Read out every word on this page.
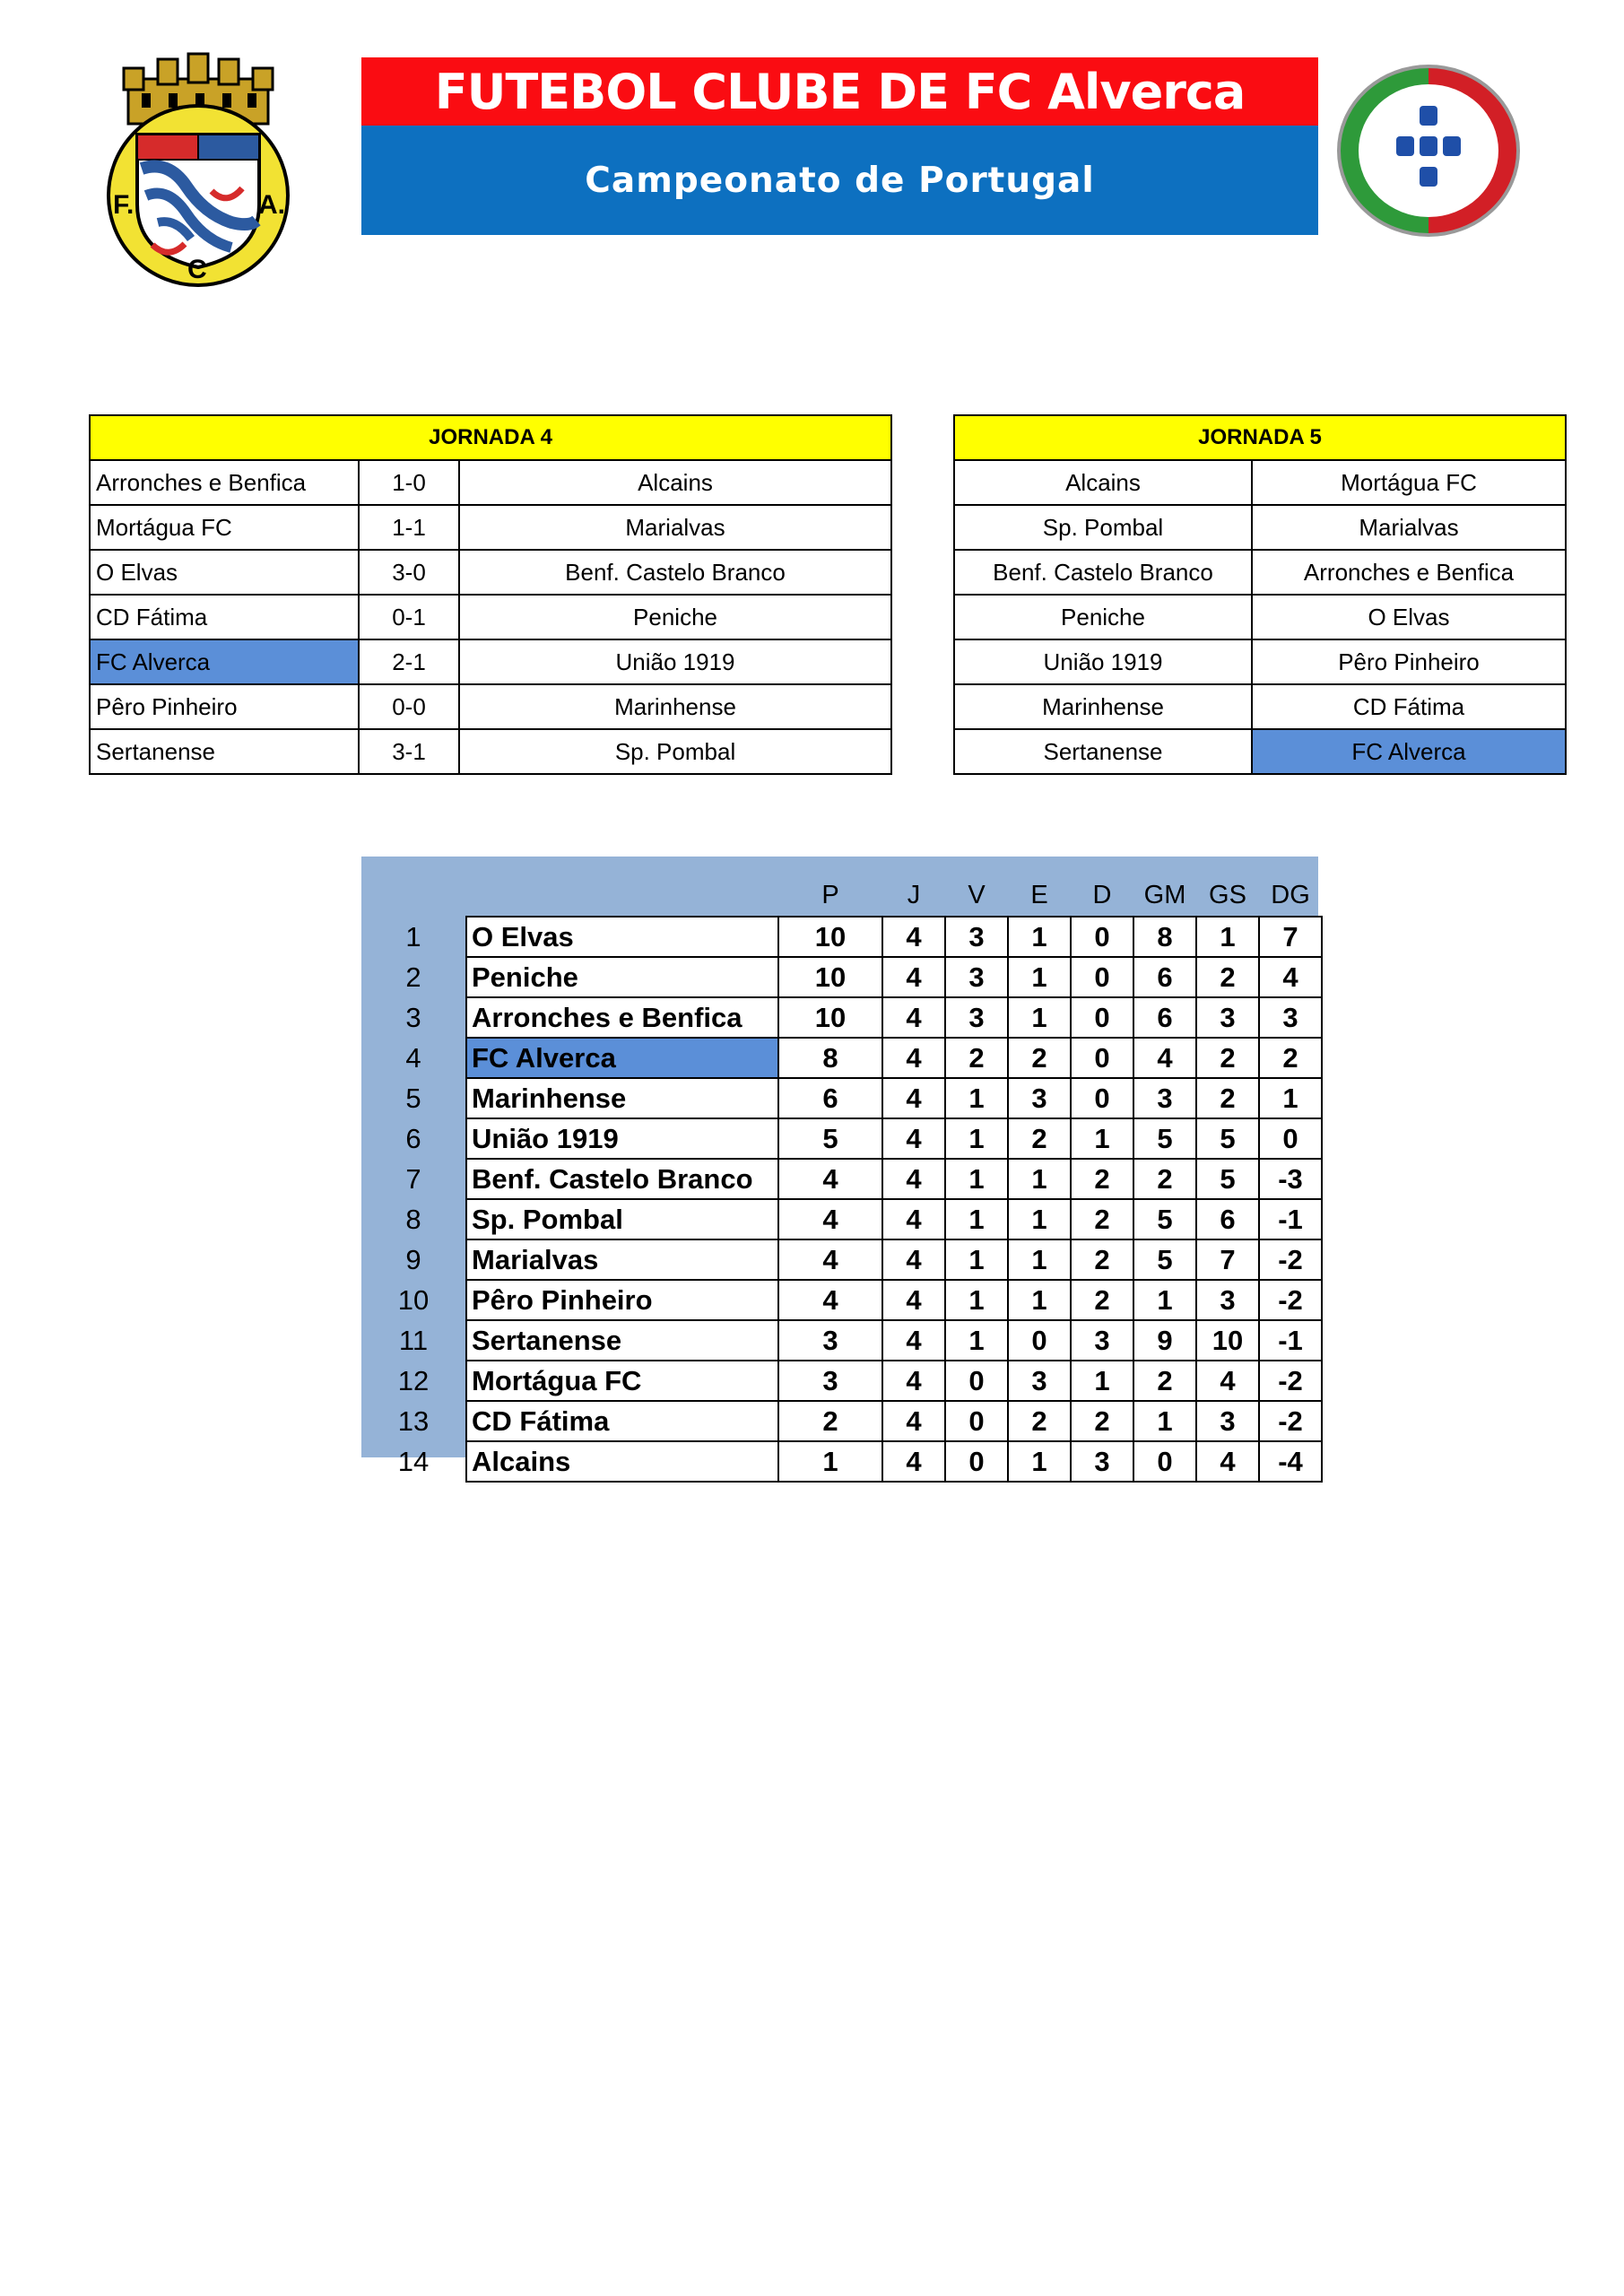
F.	A.
C
FUTEBOL CLUBE DE FC Alverca
Campeonato de Portugal
JORNADA 4		
Arronches e Benfica	1-0	Alcains
Mortágua FC	1-1	Marialvas
O Elvas	3-0	Benf. Castelo Branco
CD Fátima	0-1	Peniche
FC Alverca	2-1	União 1919
Pêro Pinheiro	0-0	Marinhense
Sertanense	3-1	Sp. Pombal
JORNADA 5	
Alcains	Mortágua FC
Sp. Pombal	Marialvas
Benf. Castelo Branco	Arronches e Benfica
Peniche	O Elvas
União 1919	Pêro Pinheiro
Marinhense	CD Fátima
Sertanense	FC Alverca
		P	J	V	E	D	GM	GS	DG
1	O Elvas	10	4	3	1	0	8	1	7
2	Peniche	10	4	3	1	0	6	2	4
3	Arronches e Benfica	10	4	3	1	0	6	3	3
4	FC Alverca	8	4	2	2	0	4	2	2
5	Marinhense	6	4	1	3	0	3	2	1
6	União 1919	5	4	1	2	1	5	5	0
7	Benf. Castelo Branco	4	4	1	1	2	2	5	-3
8	Sp. Pombal	4	4	1	1	2	5	6	-1
9	Marialvas	4	4	1	1	2	5	7	-2
10	Pêro Pinheiro	4	4	1	1	2	1	3	-2
11	Sertanense	3	4	1	0	3	9	10	-1
12	Mortágua FC	3	4	0	3	1	2	4	-2
13	CD Fátima	2	4	0	2	2	1	3	-2
14	Alcains	1	4	0	1	3	0	4	-4
